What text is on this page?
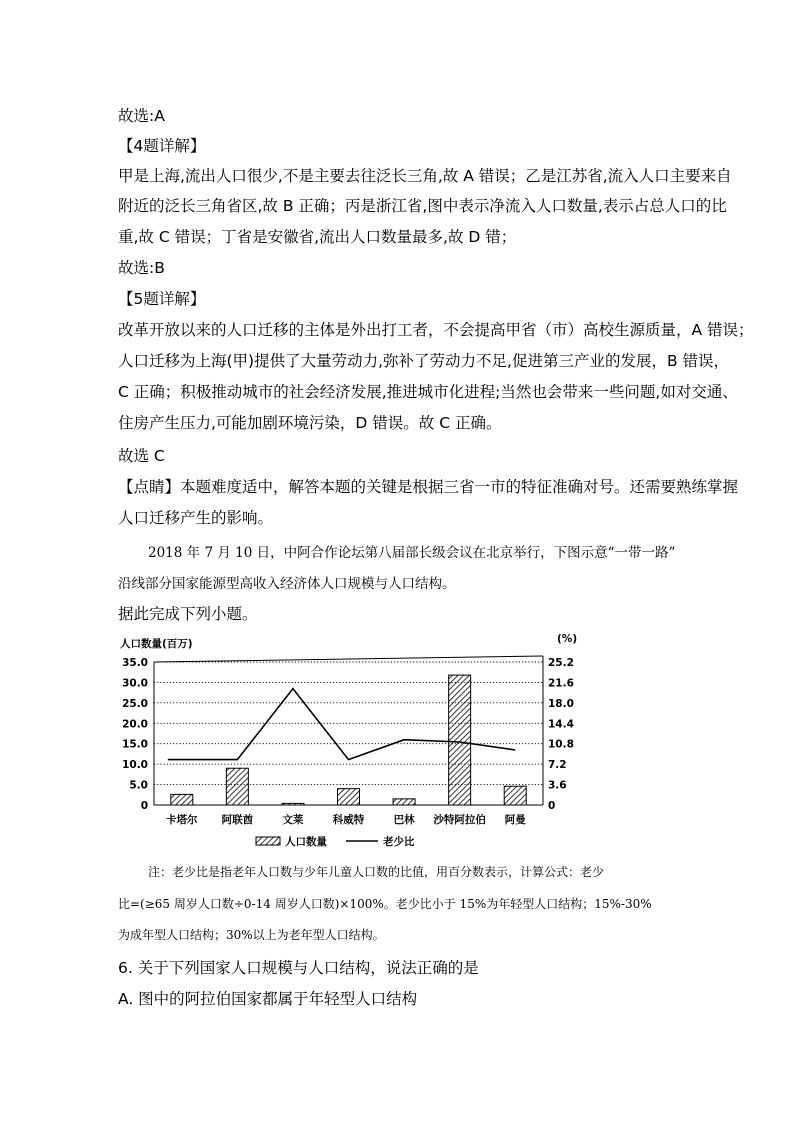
故选:A
【4题详解】
甲是上海,流出人口很少,不是主要去往泛长三角,故 A 错误；乙是江苏省,流入人口主要来自
附近的泛长三角省区,故 B 正确；丙是浙江省,图中表示净流入人口数量,表示占总人口的比
重,故 C 错误；丁省是安徽省,流出人口数量最多,故 D 错；
故选:B
【5题详解】
改革开放以来的人口迁移的主体是外出打工者，不会提高甲省（市）高校生源质量，A 错误；
人口迁移为上海(甲)提供了大量劳动力,弥补了劳动力不足,促进第三产业的发展，B 错误，
C 正确；积极推动城市的社会经济发展,推进城市化进程;当然也会带来一些问题,如对交通、
住房产生压力,可能加剧环境污染，D 错误。故 C 正确。
故选 C
【点睛】本题难度适中，解答本题的关键是根据三省一市的特征准确对号。还需要熟练掌握
人口迁移产生的影响。
2018 年 7 月 10 日，中阿合作论坛第八届部长级会议在北京举行，下图示意“一带一路”
沿线部分国家能源型高收入经济体人口规模与人口结构。
据此完成下列小题。
人口数量(百万)	(%)
0
5.0
10.0
15.0
20.0
25.0
30.0
35.0
0
3.6
7.2
10.8
14.4
18.0
21.6
25.2
卡塔尔 阿联酋	文莱	科威特	巴林 沙特阿拉伯 阿曼
人口数量	老少比
注：老少比是指老年人口数与少年儿童人口数的比值，用百分数表示，计算公式：老少
比=(≥65 周岁人口数÷0-14 周岁人口数)×100%。老少比小于 15%为年轻型人口结构；15%-30%
为成年型人口结构；30%以上为老年型人口结构。
6. 关于下列国家人口规模与人口结构，说法正确的是
A. 图中的阿拉伯国家都属于年轻型人口结构
